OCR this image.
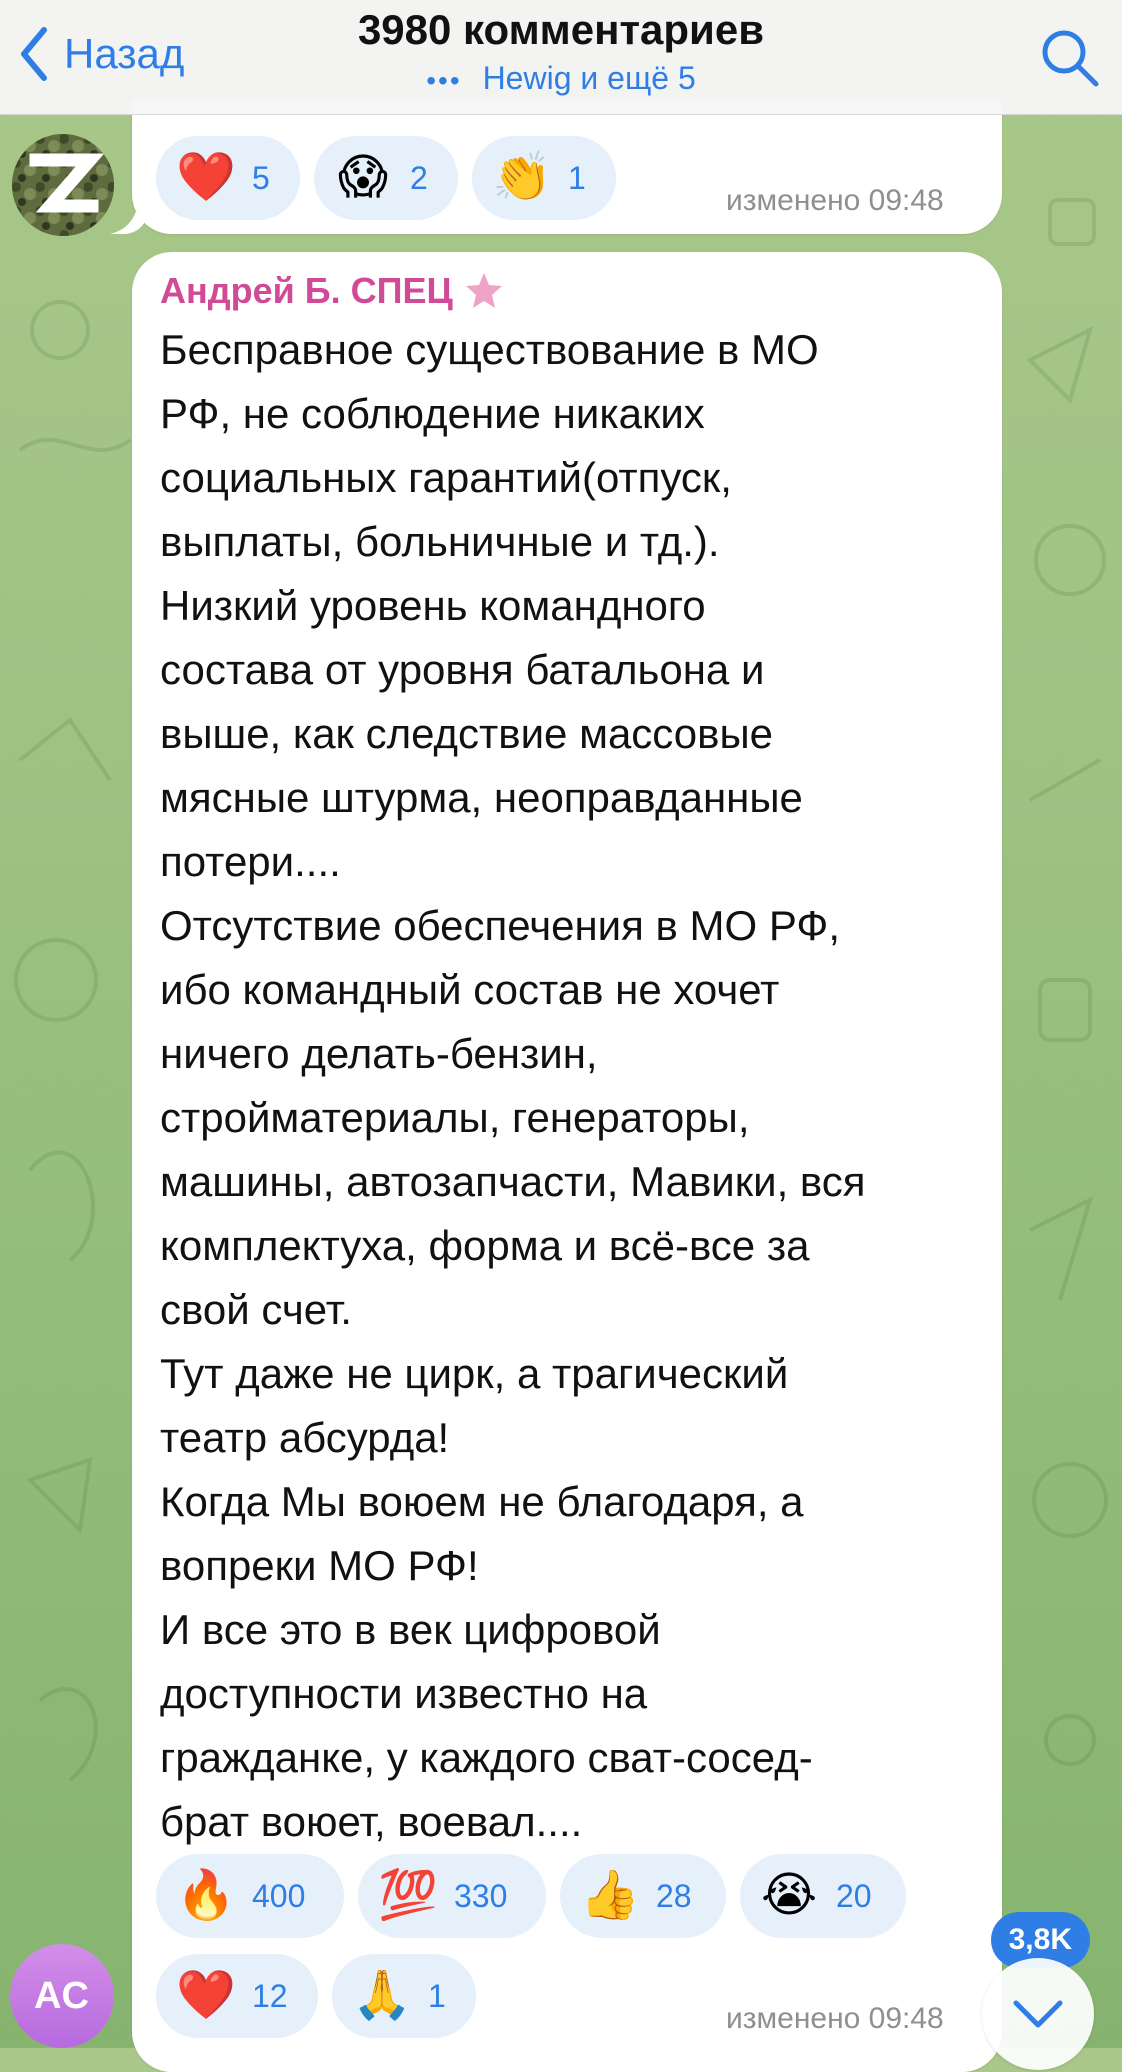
Назад
3980 комментариев
••• Hewig и ещё 5
❤️ 5 😱 2 👏 1
изменено 09:48
Андрей Б. СПЕЦ

Бесправное существование в МО

РФ, не соблюдение никаких

социальных гарантий(отпуск,

выплаты, больничные и тд.).

Низкий уровень командного

состава от уровня батальона и

выше, как следствие массовые

мясные штурма, неоправданные

потери....

Отсутствие обеспечения в МО РФ,

ибо командный состав не хочет

ничего делать-бензин,

стройматериалы, генераторы,

машины, автозапчасти, Мавики, вся

комплектуха, форма и всё-все за

свой счет.

Тут даже не цирк, а трагический

театр абсурда!

Когда Мы воюем не благодаря, а

вопреки МО РФ!

И все это в век цифровой

доступности известно на

гражданке, у каждого сват-сосед-

брат воюет, воевал....

🔥 400 💯 330 👍 28 😭 20
❤️ 12 🙏 1
изменено 09:48
АС
3,8K
